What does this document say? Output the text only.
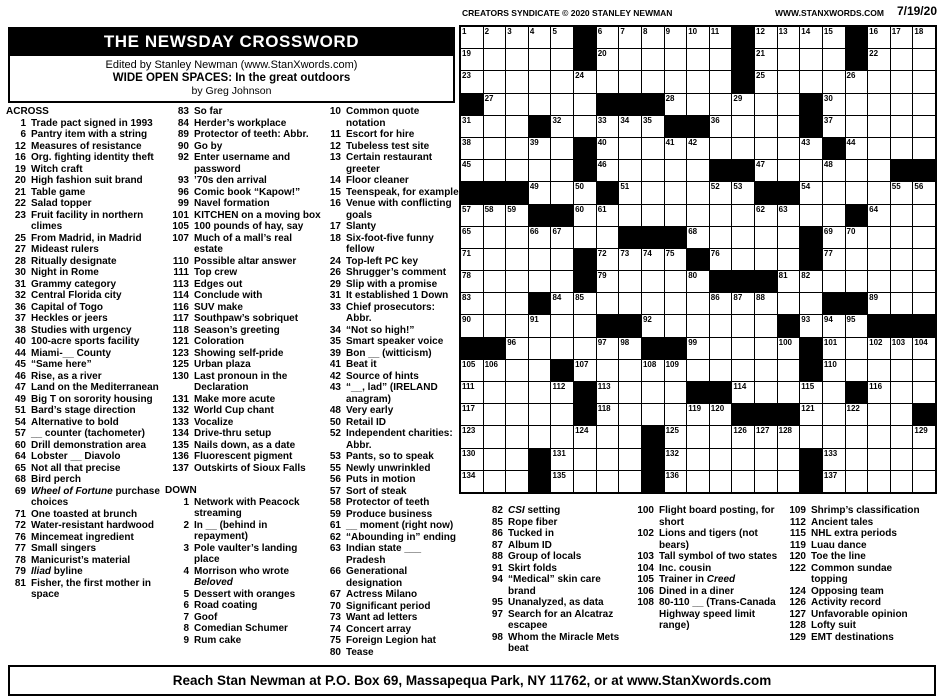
CREATORS SYNDICATE © 2020 STANLEY NEWMAN	WWW.STANXWORDS.COM 7/19/20
THE NEWSDAY CROSSWORD
Edited by Stanley Newman (www.StanXwords.com)
WIDE OPEN SPACES: In the great outdoors
by Greg Johnson
1 2 3 4 5	6 7 8 9 10 11	12 13 14 15	16 17 18
19	20	21	22
23	24	25	26
27	28	29	30
31	32	33 34 35	36	37
38	39	40	41 42	43	44
45	46	47	48
49	50	51	52 53	54	55 56
57 58 59	60 61	62 63	64
65	66 67	68	69 70
71	72 73 74 75	76	77
78	79	80	81 82
83	84 85	86 87 88	89
90	91	92	93 94 95
96	97 98	99	100	101	102 103 104
105 106	107	108 109	110
111	112	113	114	115	116
117	118	119 120	121	122
123	124	125	126 127 128	129
130	131	132	133
134	135	136	137
ACROSS
1 Trade pact signed in 1993
6 Pantry item with a string
12 Measures of resistance
16 Org. fighting identity theft
19 Witch craft
20 High fashion suit brand
21 Table game
22 Salad topper
23 Fruit facility in northern climes
25 From Madrid, in Madrid
27 Mideast rulers
28 Ritually designate
30 Night in Rome
31 Grammy category
32 Central Florida city
36 Capital of Togo
37 Heckles or jeers
38 Studies with urgency
40 100-acre sports facility
44 Miami-__ County
45 “Same here”
46 Rise, as a river
47 Land on the Mediterranean
49 Big T on sorority housing
51 Bard’s stage direction
54 Alternative to bold
57 __ counter (tachometer)
60 Drill demonstration area
64 Lobster __ Diavolo
65 Not all that precise
68 Bird perch
69 Wheel of Fortune purchase choices
71 One toasted at brunch
72 Water-resistant hardwood
76 Mincemeat ingredient
77 Small singers
78 Manicurist’s material
79 Iliad byline
81 Fisher, the first mother in space
83 So far
84 Herder’s workplace
89 Protector of teeth: Abbr.
90 Go by
92 Enter username and password
93 ’70s den arrival
96 Comic book “Kapow!”
99 Navel formation
101 KITCHEN on a moving box
105 100 pounds of hay, say
107 Much of a mall’s real estate
110 Possible altar answer
111 Top crew
113 Edges out
114 Conclude with
116 SUV make
117 Southpaw’s sobriquet
118 Season’s greeting
121 Coloration
123 Showing self-pride
125 Urban plaza
130 Last pronoun in the Declaration
131 Make more acute
132 World Cup chant
133 Vocalize
134 Drive-thru setup
135 Nails down, as a date
136 Fluorescent pigment
137 Outskirts of Sioux Falls
DOWN
1 Network with Peacock streaming
2 In __ (behind in repayment)
3 Pole vaulter’s landing place
4 Morrison who wrote Beloved
5 Dessert with oranges
6 Road coating
7 Goof
8 Comedian Schumer
9 Rum cake
10 Common quote notation
11 Escort for hire
12 Tubeless test site
13 Certain restaurant greeter
14 Floor cleaner
15 Teenspeak, for example
16 Venue with conflicting goals
17 Slanty
18 Six-foot-five funny fellow
24 Top-left PC key
26 Shrugger’s comment
29 Slip with a promise
31 It established 1 Down
33 Chief prosecutors: Abbr.
34 “Not so high!”
35 Smart speaker voice
39 Bon __ (witticism)
41 Beat it
42 Source of hints
43 “__, lad” (IRELAND anagram)
48 Very early
50 Retail ID
52 Independent charities: Abbr.
53 Pants, so to speak
55 Newly unwrinkled
56 Puts in motion
57 Sort of steak
58 Protector of teeth
59 Produce business
61 __ moment (right now)
62 “Abounding in” ending
63 Indian state ___ Pradesh
66 Generational designation
67 Actress Milano
70 Significant period
73 Want ad letters
74 Concert array
75 Foreign Legion hat
80 Tease
82 CSI setting
85 Rope fiber
86 Tucked in
87 Album ID
88 Group of locals
91 Skirt folds
94 “Medical” skin care brand
95 Unanalyzed, as data
97 Search for an Alcatraz escapee
98 Whom the Miracle Mets beat
100 Flight board posting, for short
102 Lions and tigers (not bears)
103 Tall symbol of two states
104 Inc. cousin
105 Trainer in Creed
106 Dined in a diner
108 80-110 __ (Trans-Canada Highway speed limit range)
109 Shrimp’s classification
112 Ancient tales
115 NHL extra periods
119 Luau dance
120 Toe the line
122 Common sundae topping
124 Opposing team
126 Activity record
127 Unfavorable opinion
128 Lofty suit
129 EMT destinations
Reach Stan Newman at P.O. Box 69, Massapequa Park, NY 11762, or at www.StanXwords.com
